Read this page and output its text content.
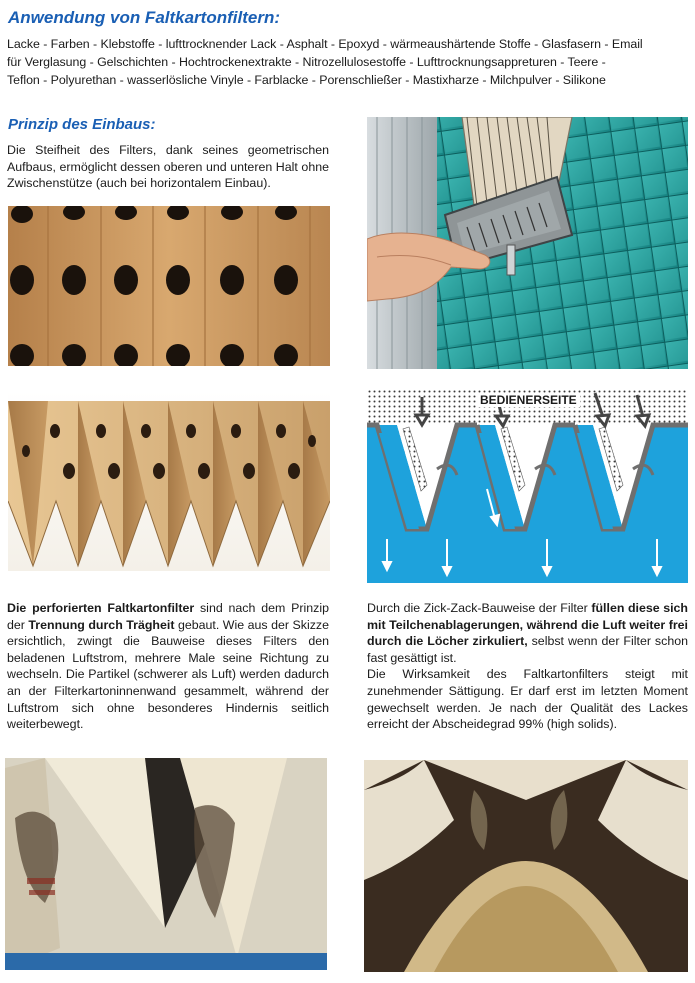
Anwendung von Faltkartonfiltern:
Lacke - Farben - Klebstoffe - lufttrocknender Lack - Asphalt - Epoxyd - wärmeaushärtende Stoffe - Glasfasern - Email
für Verglasung - Gelschichten - Hochtrockenextrakte - Nitrozellulosestoffe - Lufttrocknungsappreturen - Teere -
Teflon - Polyurethan - wasserlösliche Vinyle - Farblacke - Porenschließer - Mastixharze - Milchpulver - Silikone
Prinzip des Einbaus:
Die Steifheit des Filters, dank seines geometrischen Aufbaus, ermöglicht dessen oberen und unteren Halt ohne Zwischenstütze (auch bei horizontalem Einbau).
BEDIENERSEITE
Die perforierten Faltkartonfilter sind nach dem Prinzip der Trennung durch Trägheit gebaut. Wie aus der Skizze ersichtlich, zwingt die Bauweise dieses Filters den beladenen Luftstrom, mehrere Male seine Richtung zu wechseln. Die Partikel (schwerer als Luft) werden dadurch an der Filterkartoninnenwand gesammelt, während der Luftstrom sich ohne besonderes Hindernis seitlich weiterbewegt.
Durch die Zick-Zack-Bauweise der Filter füllen diese sich mit Teilchenablagerungen, während die Luft weiter frei durch die Löcher zirkuliert, selbst wenn der Filter schon fast gesättigt ist.
Die Wirksamkeit des Faltkartonfilters steigt mit zunehmender Sättigung. Er darf erst im letzten Moment gewechselt werden. Je nach der Qualität des Lackes erreicht der Abscheidegrad 99% (high solids).
